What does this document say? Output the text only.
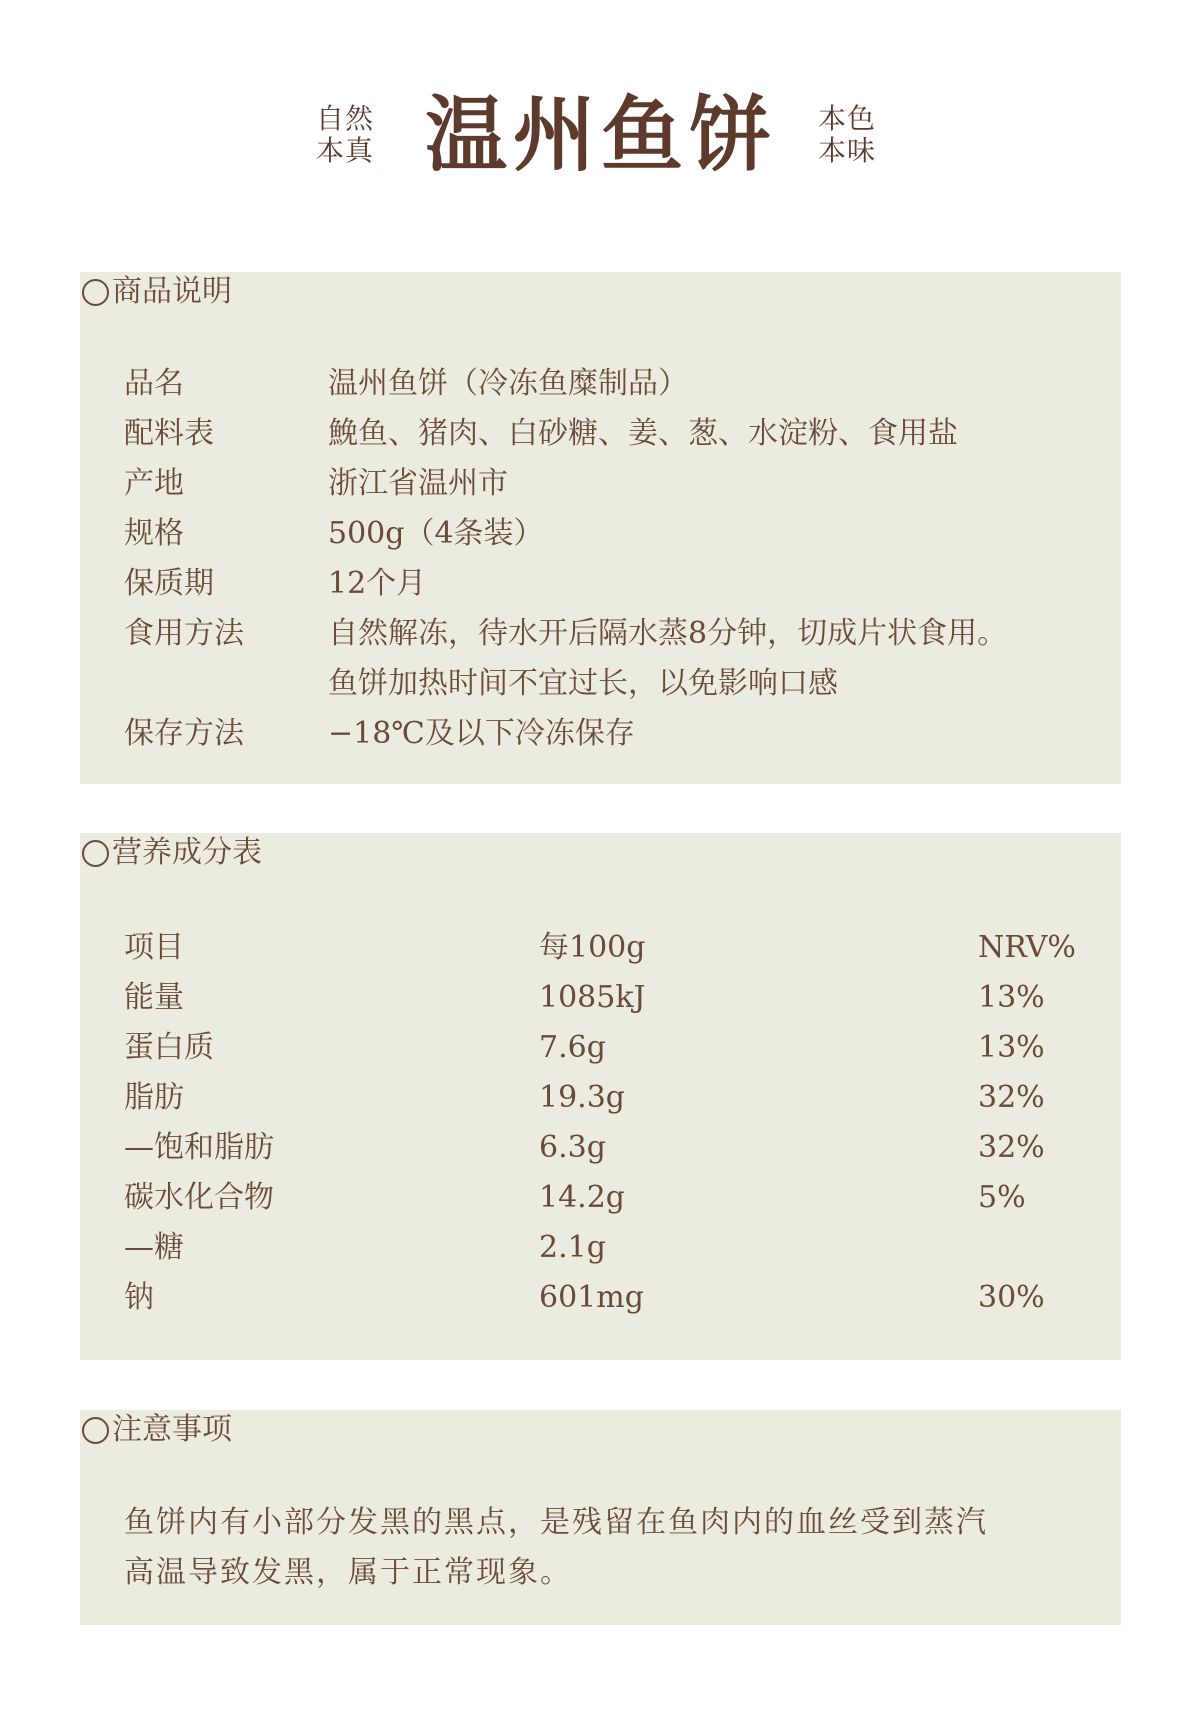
自然
本真 温州鱼饼 本色
本味
商品说明
品名	温州鱼饼（冷冻鱼糜制品）
配料表	鮸鱼、猪肉、白砂糖、姜、葱、水淀粉、食用盐
产地	浙江省温州市
规格	500g（4条装）
保质期	12个月
食用方法	自然解冻，待水开后隔水蒸8分钟，切成片状食用。
鱼饼加热时间不宜过长，以免影响口感
保存方法	−18℃及以下冷冻保存
营养成分表
项目	每100g	NRV%
能量	1085kJ	13%
蛋白质	7.6g	13%
脂肪	19.3g	32%
—饱和脂肪	6.3g	32%
碳水化合物	14.2g	5%
—糖	2.1g
钠	601mg	30%
注意事项
鱼饼内有小部分发黑的黑点，是残留在鱼肉内的血丝受到蒸汽
高温导致发黑，属于正常现象。
